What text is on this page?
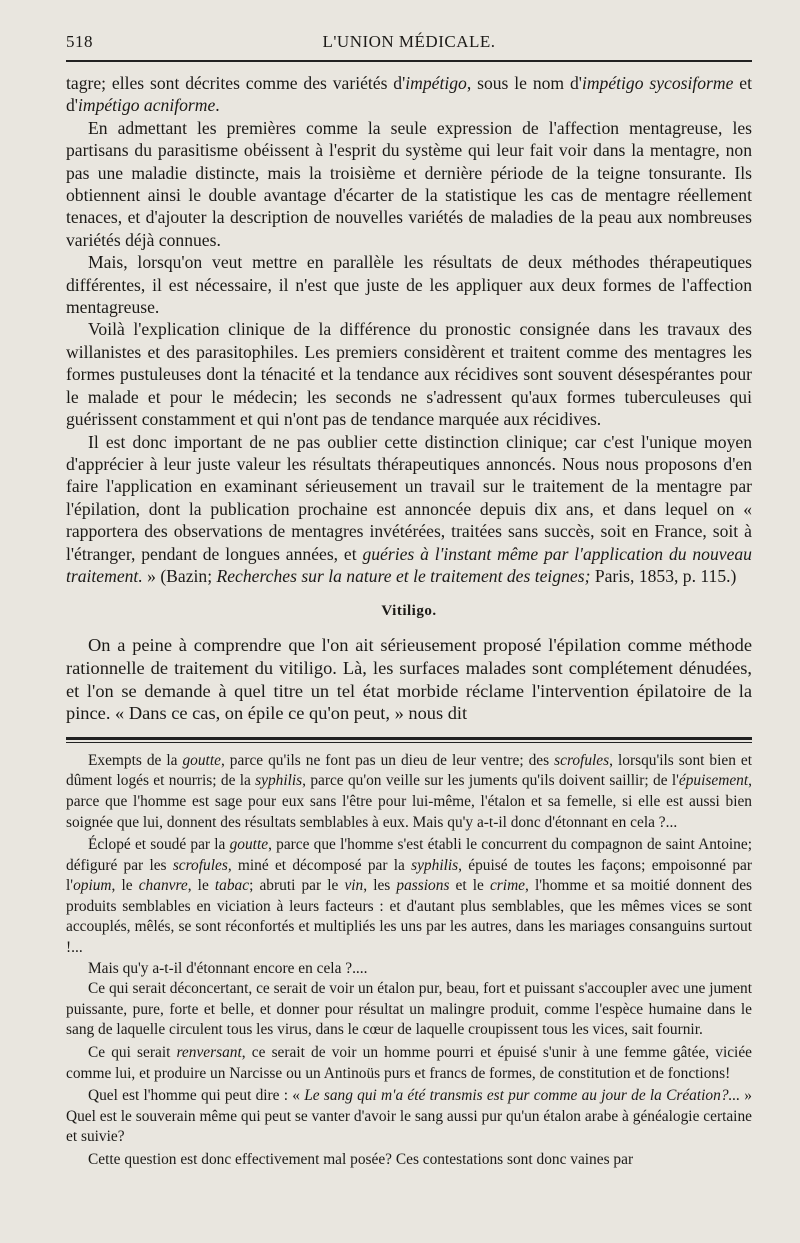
518	L'UNION MÉDICALE.

tagre; elles sont décrites comme des variétés d'impétigo, sous le nom d'impétigo sycosiforme et d'impétigo acniforme.

En admettant les premières comme la seule expression de l'affection mentagreuse, les partisans du parasitisme obéissent à l'esprit du système qui leur fait voir dans la mentagre, non pas une maladie distincte, mais la troisième et dernière période de la teigne tonsurante. Ils obtiennent ainsi le double avantage d'écarter de la statistique les cas de mentagre réellement tenaces, et d'ajouter la description de nouvelles variétés de maladies de la peau aux nombreuses variétés déjà connues.

Mais, lorsqu'on veut mettre en parallèle les résultats de deux méthodes thérapeutiques différentes, il est nécessaire, il n'est que juste de les appliquer aux deux formes de l'affection mentagreuse.

Voilà l'explication clinique de la différence du pronostic consignée dans les travaux des willanistes et des parasitophiles. Les premiers considèrent et traitent comme des mentagres les formes pustuleuses dont la ténacité et la tendance aux récidives sont souvent désespérantes pour le malade et pour le médecin; les seconds ne s'adressent qu'aux formes tuberculeuses qui guérissent constamment et qui n'ont pas de tendance marquée aux récidives.

Il est donc important de ne pas oublier cette distinction clinique; car c'est l'unique moyen d'apprécier à leur juste valeur les résultats thérapeutiques annoncés. Nous nous proposons d'en faire l'application en examinant sérieusement un travail sur le traitement de la mentagre par l'épilation, dont la publication prochaine est annoncée depuis dix ans, et dans lequel on « rapportera des observations de mentagres invétérées, traitées sans succès, soit en France, soit à l'étranger, pendant de longues années, et guéries à l'instant même par l'application du nouveau traitement. » (Bazin; Recherches sur la nature et le traitement des teignes; Paris, 1853, p. 115.)

Vitiligo.

On a peine à comprendre que l'on ait sérieusement proposé l'épilation comme méthode rationnelle de traitement du vitiligo. Là, les surfaces malades sont complétement dénudées, et l'on se demande à quel titre un tel état morbide réclame l'intervention épilatoire de la pince. « Dans ce cas, on épile ce qu'on peut, » nous dit

Exempts de la goutte, parce qu'ils ne font pas un dieu de leur ventre; des scrofules, lorsqu'ils sont bien et dûment logés et nourris; de la syphilis, parce qu'on veille sur les juments qu'ils doivent saillir; de l'épuisement, parce que l'homme est sage pour eux sans l'être pour lui-même, l'étalon et sa femelle, si elle est aussi bien soignée que lui, donnent des résultats semblables à eux. Mais qu'y a-t-il donc d'étonnant en cela ?...

Éclopé et soudé par la goutte, parce que l'homme s'est établi le concurrent du compagnon de saint Antoine; défiguré par les scrofules, miné et décomposé par la syphilis, épuisé de toutes les façons; empoisonné par l'opium, le chanvre, le tabac; abruti par le vin, les passions et le crime, l'homme et sa moitié donnent des produits semblables en viciation à leurs facteurs : et d'autant plus semblables, que les mêmes vices se sont accouplés, mêlés, se sont réconfortés et multipliés les uns par les autres, dans les mariages consanguins surtout !...

Mais qu'y a-t-il d'étonnant encore en cela ?....

Ce qui serait déconcertant, ce serait de voir un étalon pur, beau, fort et puissant s'accoupler avec une jument puissante, pure, forte et belle, et donner pour résultat un malingre produit, comme l'espèce humaine dans le sang de laquelle circulent tous les virus, dans le cœur de laquelle croupissent tous les vices, sait fournir.

Ce qui serait renversant, ce serait de voir un homme pourri et épuisé s'unir à une femme gâtée, viciée comme lui, et produire un Narcisse ou un Antinoüs purs et francs de formes, de constitution et de fonctions!

Quel est l'homme qui peut dire : « Le sang qui m'a été transmis est pur comme au jour de la Création?... » Quel est le souverain même qui peut se vanter d'avoir le sang aussi pur qu'un étalon arabe à généalogie certaine et suivie?

Cette question est donc effectivement mal posée? Ces contestations sont donc vaines par
